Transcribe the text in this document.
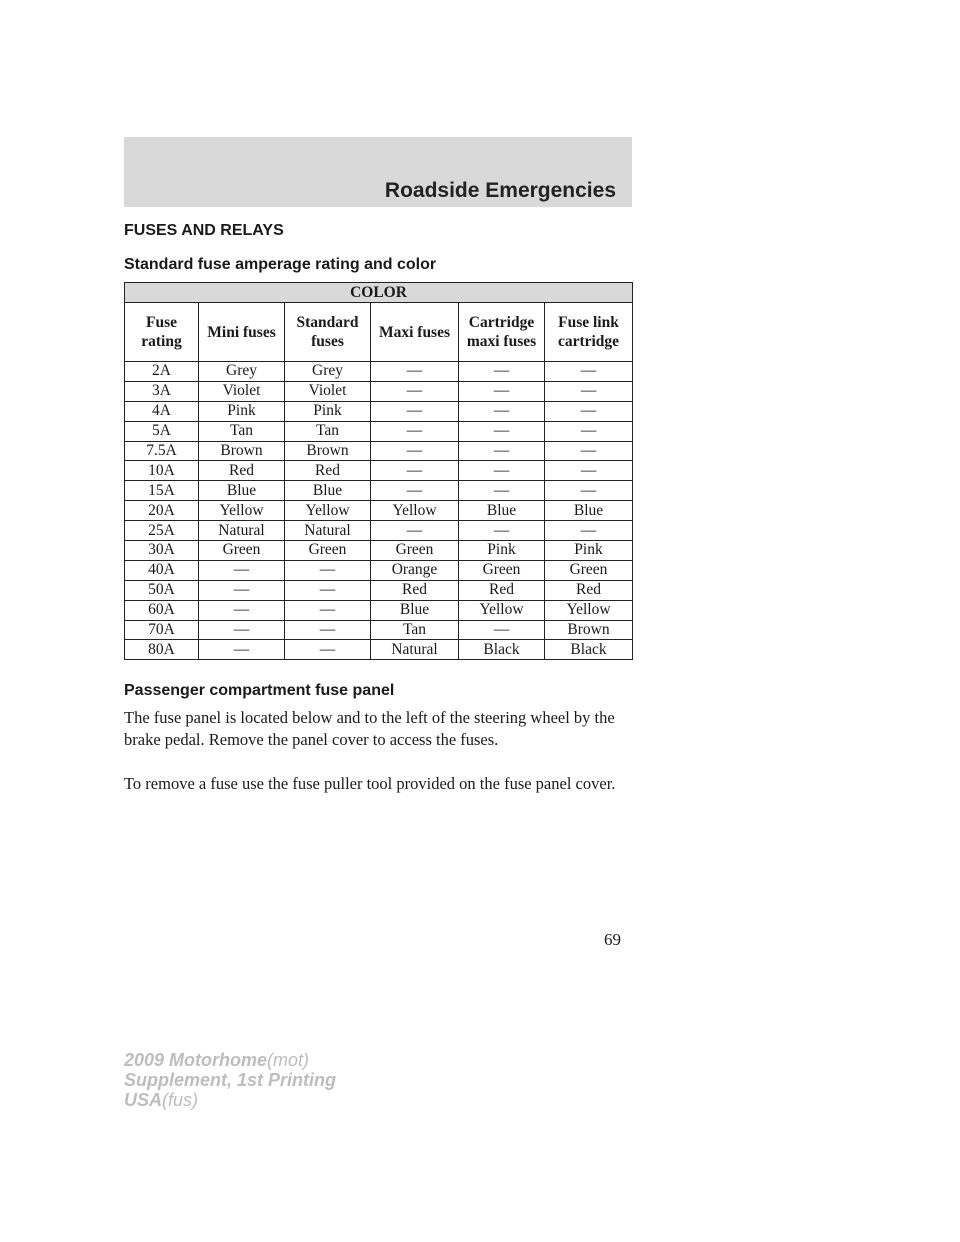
Roadside Emergencies
FUSES AND RELAYS
Standard fuse amperage rating and color
COLOR					
Fuse rating	Mini fuses	Standard fuses	Maxi fuses	Cartridge maxi fuses	Fuse link cartridge
2A	Grey	Grey	—	—	—
3A	Violet	Violet	—	—	—
4A	Pink	Pink	—	—	—
5A	Tan	Tan	—	—	—
7.5A	Brown	Brown	—	—	—
10A	Red	Red	—	—	—
15A	Blue	Blue	—	—	—
20A	Yellow	Yellow	Yellow	Blue	Blue
25A	Natural	Natural	—	—	—
30A	Green	Green	Green	Pink	Pink
40A	—	—	Orange	Green	Green
50A	—	—	Red	Red	Red
60A	—	—	Blue	Yellow	Yellow
70A	—	—	Tan	—	Brown
80A	—	—	Natural	Black	Black
Passenger compartment fuse panel

The fuse panel is located below and to the left of the steering wheel by the brake pedal. Remove the panel cover to access the fuses.

To remove a fuse use the fuse puller tool provided on the fuse panel cover.

69
2009 Motorhome(mot)
Supplement, 1st Printing
USA(fus)
